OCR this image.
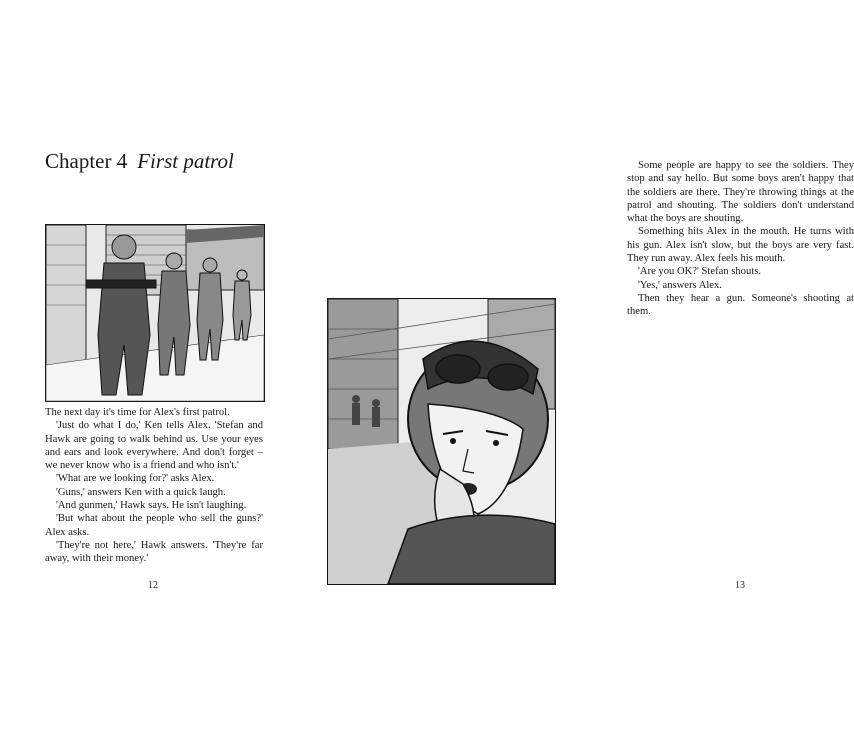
Chapter 4 First patrol

The next day it's time for Alex's first patrol.

'Just do what I do,' Ken tells Alex. 'Stefan and Hawk are going to walk behind us. Use your eyes and ears and look everywhere. And don't forget – we never know who is a friend and who isn't.'

'What are we looking for?' asks Alex.

'Guns,' answers Ken with a quick laugh.

'And gunmen,' Hawk says. He isn't laughing.

'But what about the people who sell the guns?' Alex asks.

'They're not here,' Hawk answers. 'They're far away, with their money.'

12

Some people are happy to see the soldiers. They stop and say hello. But some boys aren't happy that the soldiers are there. They're throwing things at the patrol and shouting. The soldiers don't understand what the boys are shouting.

Something hits Alex in the mouth. He turns with his gun. Alex isn't slow, but the boys are very fast. They run away. Alex feels his mouth.

'Are you OK?' Stefan shouts.

'Yes,' answers Alex.

Then they hear a gun. Someone's shooting at them.

13
